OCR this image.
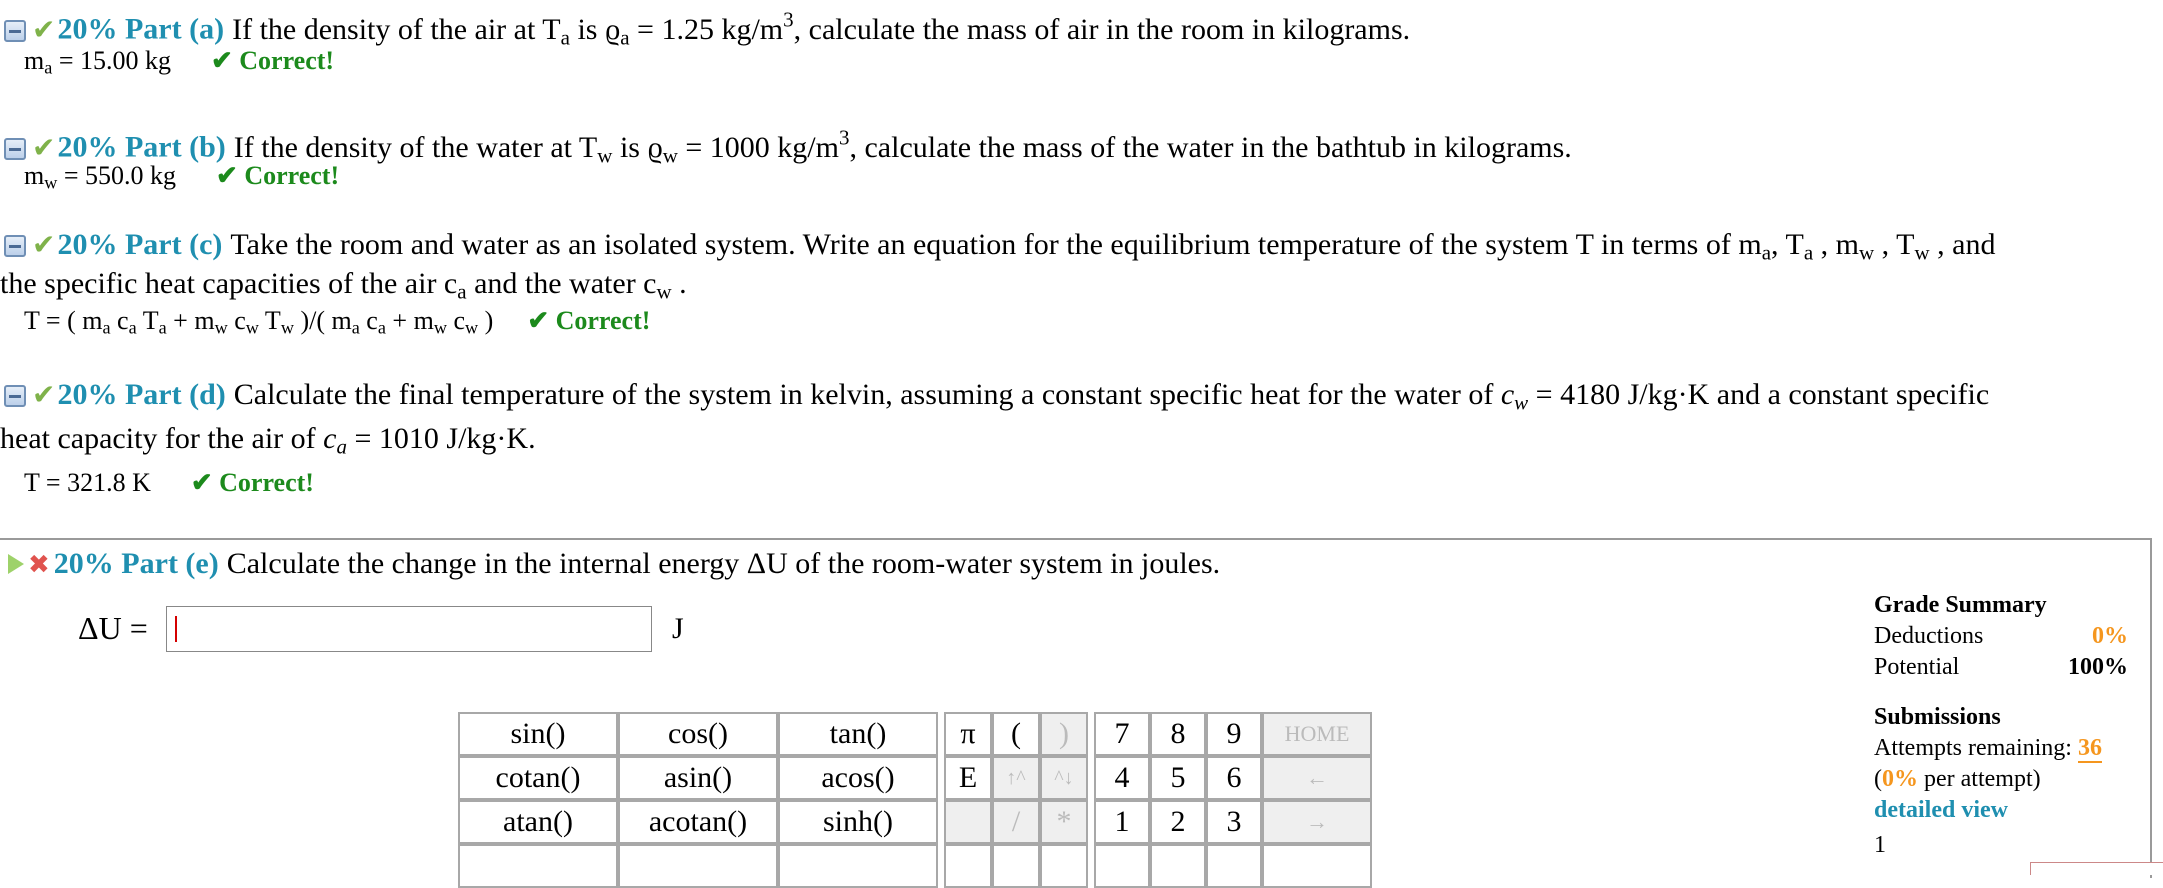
✔20% Part (a) If the density of the air at $T_a$ is $ϱ_a = 1.25$ $kg/m^3$, calculate the mass of air in the room in kilograms.
$m_a = 15.00$ kg ✔ Correct!
✔20% Part (b) If the density of the water at $T_w$ is $ϱ_w = 1000$ $kg/m^3$, calculate the mass of the water in the bathtub in kilograms.
$m_w = 550.0$ kg ✔ Correct!
✔20% Part (c) Take the room and water as an isolated system. Write an equation for the equilibrium temperature of the system T in terms of $m_a$, $T_a$ , $m_w$ , $T_w$ , and
the specific heat capacities of the air $c_a$ and the water $c_w$ .
T = ( $m_a$ $c_a$ $T_a + m_w$ $c_w$ $T_w$ )/( $m_a$ $c_a + m_w$ $c_w$ ) ✔ Correct!
✔20% Part (d) Calculate the final temperature of the system in kelvin, assuming a constant specific heat for the water of $c_w = 4180$ J/kg·K and a constant specific
heat capacity for the air of $c_a = 1010$ J/kg·K.
T = 321.8 K ✔ Correct!
✖ 20% Part (e) Calculate the change in the internal energy ΔU of the room-water system in joules.
ΔU =	J
sin()	cos()	tan()		π	(	)		7	8	9	HOME
cotan()	asin()	acos()		E	↑^	^↓		4	5	6	←
atan()	acotan()	sinh()			/	*		1	2	3	→

Grade Summary
Deductions	0%
Potential	100%
Submissions
Attempts remaining: 36
(0% per attempt)
detailed view
1
